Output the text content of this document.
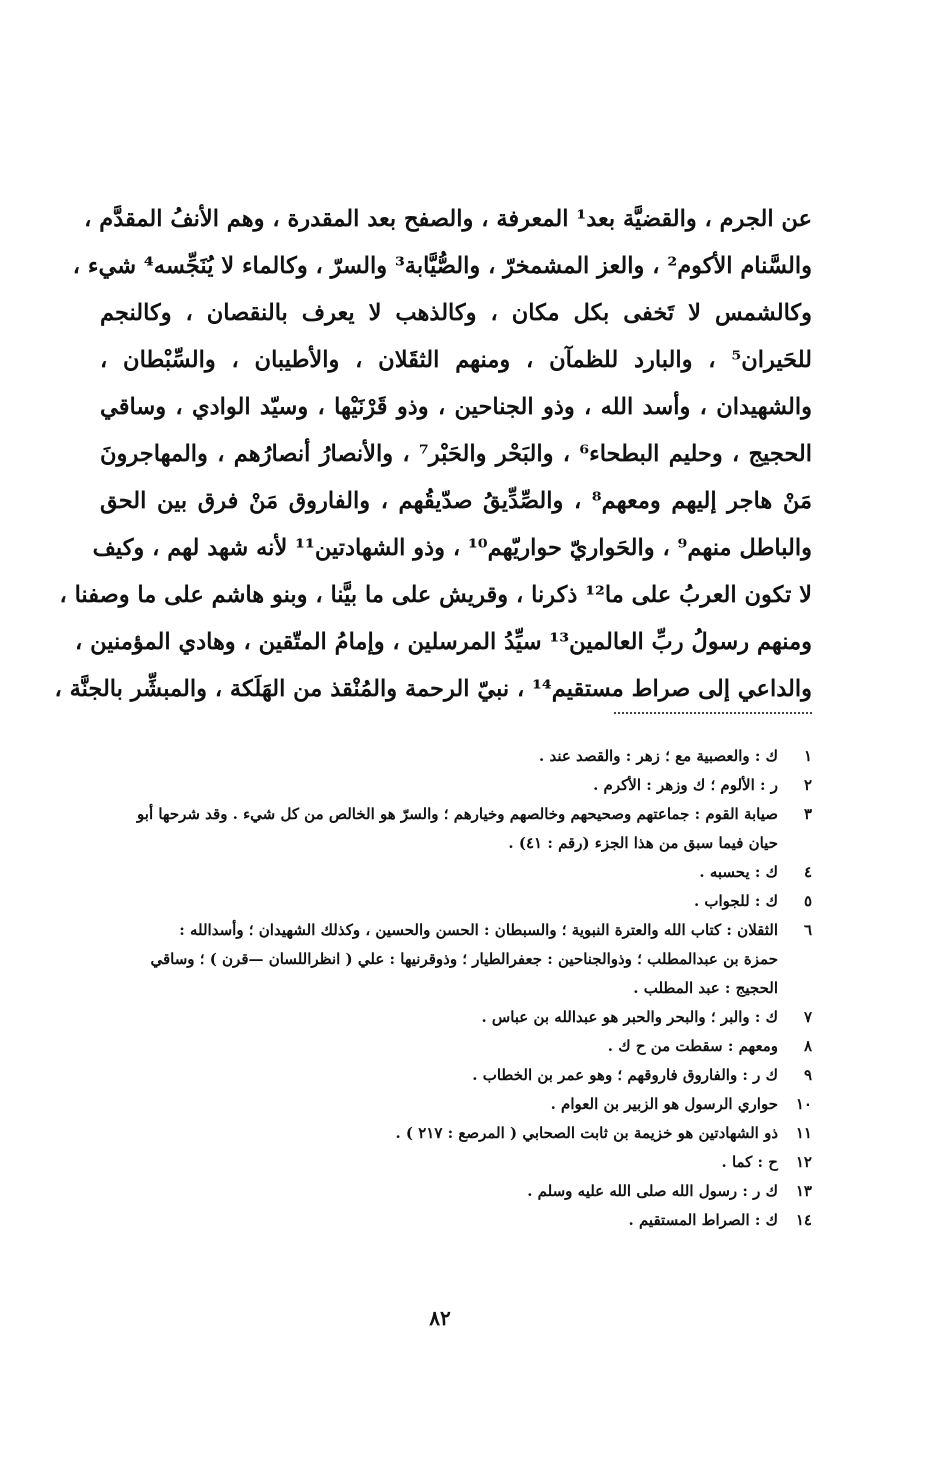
عن الجرم ، والقضيَّة بعد¹ المعرفة ، والصفح بعد المقدرة ، وهم الأنفُ المقدَّم ،
والسَّنام الأكوم² ، والعز المشمخرّ ، والصُّيَّابة³ والسرّ ، وكالماء لا يُنَجِّسه⁴ شيء ،
وكالشمس لا تَخفى بكل مكان ، وكالذهب لا يعرف بالنقصان ، وكالنجم
للحَيران⁵ ، والبارد للظمآن ، ومنهم الثقَلان ، والأطيبان ، والسِّبْطان ،
والشهيدان ، وأسد الله ، وذو الجناحين ، وذو قَرْنَيْها ، وسيّد الوادي ، وساقي
الحجيج ، وحليم البطحاء⁶ ، والبَحْر والحَبْر⁷ ، والأنصارُ أنصارُهم ، والمهاجرونَ
مَنْ هاجر إليهم ومعهم⁸ ، والصِّدِّيقُ صدّيقُهم ، والفاروق مَنْ فرق بين الحق
والباطل منهم⁹ ، والحَواريّ حواريّهم¹⁰ ، وذو الشهادتين¹¹ لأنه شهد لهم ، وكيف
لا تكون العربُ على ما¹² ذكرنا ، وقريش على ما بيَّنا ، وبنو هاشم على ما وصفنا ،
ومنهم رسولُ ربِّ العالمين¹³ سيِّدُ المرسلين ، وإمامُ المتّقين ، وهادي المؤمنين ،
والداعي إلى صراط مستقيم¹⁴ ، نبيّ الرحمة والمُنْقذ من الهَلَكة ، والمبشِّر بالجنَّة ،
١
ك : والعصبية مع ؛ زهر : والقصد عند .
٢
ر : الألوم ؛ ك وزهر : الأكرم .
٣
صيابة القوم : جماعتهم وصحيحهم وخالصهم وخيارهم ؛ والسرّ هو الخالص من كل شيء . وقد شرحها أبو
حيان فيما سبق من هذا الجزء (رقم : ٤١) .
٤
ك : يحسبه .
٥
ك : للجواب .
٦
الثقلان : كتاب الله والعترة النبوية ؛ والسبطان : الحسن والحسين ، وكذلك الشهيدان ؛ وأسدالله :
حمزة بن عبدالمطلب ؛ وذوالجناحين : جعفرالطيار ؛ وذوقرنيها : علي ( انظراللسان —قرن ) ؛ وساقي
الحجيج : عبد المطلب .
٧
ك : والبر ؛ والبحر والحبر هو عبدالله بن عباس .
٨
ومعهم : سقطت من ح ك .
٩
ك ر : والفاروق فاروقهم ؛ وهو عمر بن الخطاب .
١٠
حواري الرسول هو الزبير بن العوام .
١١
ذو الشهادتين هو خزيمة بن ثابت الصحابي ( المرصع : ٢١٧ ) .
١٢
ح : كما .
١٣
ك ر : رسول الله صلى الله عليه وسلم .
١٤
ك : الصراط المستقيم .
٨٢
